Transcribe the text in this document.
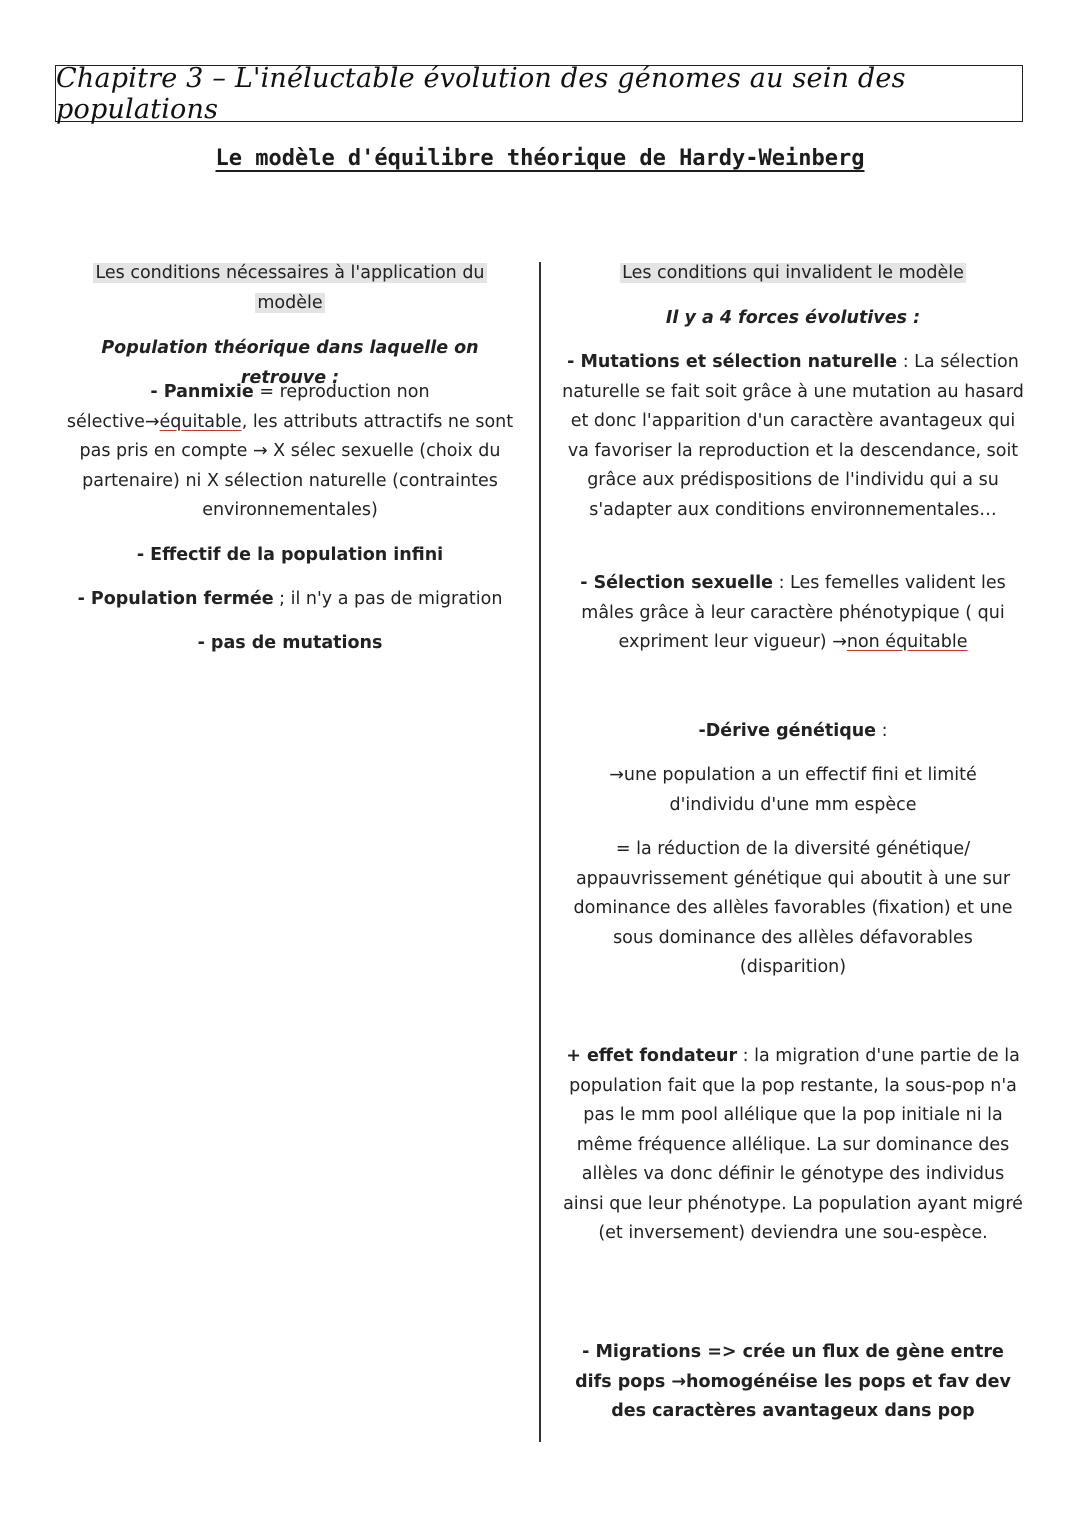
Chapitre 3 – L'inéluctable évolution des génomes au sein des populations
Le modèle d'équilibre théorique de Hardy-Weinberg
Les conditions nécessaires à l'application du
modèle
Population théorique dans laquelle on retrouve :

- Panmixie = reproduction non sélective→équitable, les attributs attractifs ne sont pas pris en compte → X sélec sexuelle (choix du partenaire) ni X sélection naturelle (contraintes environnementales)

- Effectif de la population infini
- Population fermée ; il n'y a pas de migration
- pas de mutations
Les conditions qui invalident le modèle
Il y a 4 forces évolutives :

- Mutations et sélection naturelle : La sélection naturelle se fait soit grâce à une mutation au hasard et donc l'apparition d'un caractère avantageux qui va favoriser la reproduction et la descendance, soit grâce aux prédispositions de l'individu qui a su s'adapter aux conditions environnementales…

- Sélection sexuelle : Les femelles valident les mâles grâce à leur caractère phénotypique ( qui expriment leur vigueur) →non équitable

-Dérive génétique :

→une population a un effectif fini et limité d'individu d'une mm espèce

= la réduction de la diversité génétique/ appauvrissement génétique qui aboutit à une sur dominance des allèles favorables (fixation) et une sous dominance des allèles défavorables (disparition)

+ effet fondateur : la migration d'une partie de la population fait que la pop restante, la sous-pop n'a pas le mm pool allélique que la pop initiale ni la même fréquence allélique. La sur dominance des allèles va donc définir le génotype des individus ainsi que leur phénotype. La population ayant migré (et inversement) deviendra une sou-espèce.

- Migrations => crée un flux de gène entre difs pops →homogénéise les pops et fav dev des caractères avantageux dans pop
